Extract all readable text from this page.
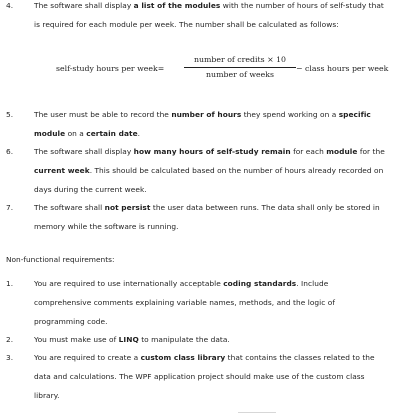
4.	The software shall display a list of the modules with the number of hours of self-study that
is required for each module per week. The number shall be calculated as follows:
self-study hours per week=
number of credits × 10
number of weeks
− class hours per week
5.	The user must be able to record the number of hours they spend working on a specific
module on a certain date.
6.	The software shall display how many hours of self-study remain for each module for the
current week. This should be calculated based on the number of hours already recorded on
days during the current week.
7.	The software shall not persist the user data between runs. The data shall only be stored in
memory while the software is running.
Non-functional requirements:
1.	You are required to use internationally acceptable coding standards. Include
comprehensive comments explaining variable names, methods, and the logic of
programming code.
2.	You must make use of LINQ to manipulate the data.
3.	You are required to create a custom class library that contains the classes related to the
data and calculations. The WPF application project should make use of the custom class
library.
